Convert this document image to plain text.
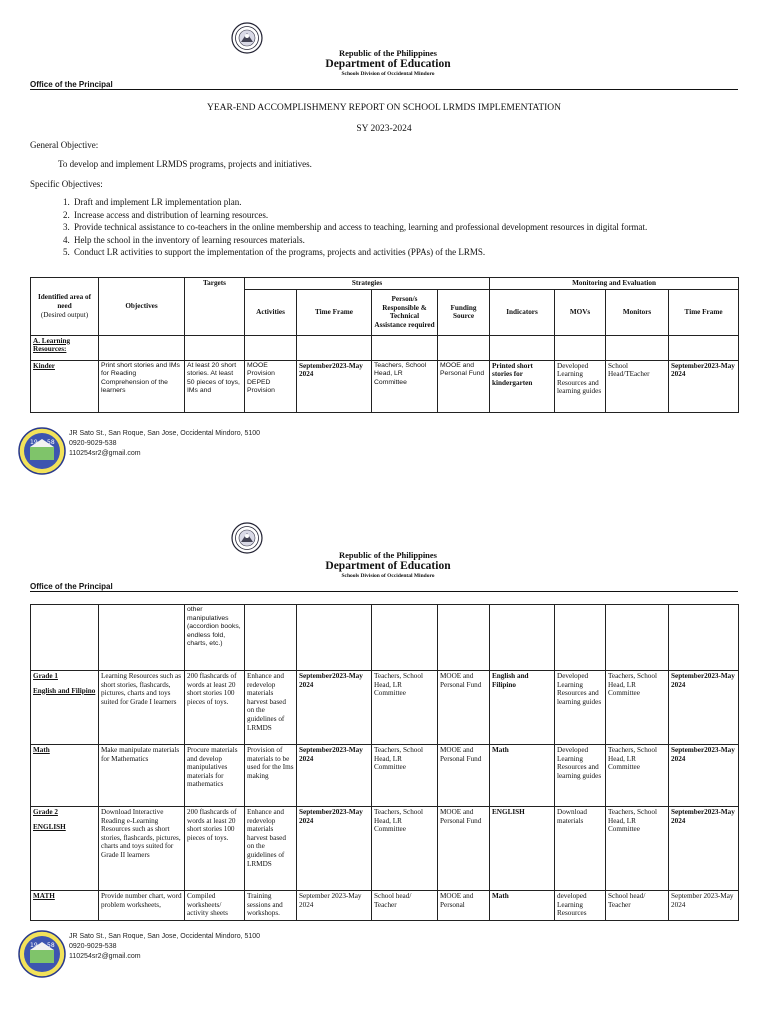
Republic of the Philippines
Department of Education
Schools Division of Occidental Mindoro
Office of the Principal
YEAR-END ACCOMPLISHMENY REPORT ON SCHOOL LRMDS IMPLEMENTATION
SY 2023-2024
General Objective:
To develop and implement LRMDS programs, projects and initiatives.
Specific Objectives:
1. Draft and implement LR implementation plan.
2. Increase access and distribution of learning resources.
3. Provide technical assistance to co-teachers in the online membership and access to teaching, learning and professional development resources in digital format.
4. Help the school in the inventory of learning resources materials.
5. Conduct LR activities to support the implementation of the programs, projects and activities (PPAs) of the LRMS.
Identified area of need
(Desired output)	Objectives	Targets	Strategies				Monitoring and Evaluation			
			Activities	Time Frame	Person/s Responsible & Technical Assistance required	Funding Source	Indicators	MOVs	Monitors	Time Frame
A. Learning Resources:										
Kinder	Print short stories and IMs for Reading Comprehension of the learners	At least 20 short stories. At least 50 pieces of toys, IMs and	MOOE Provision DEPED Provision	September2023-May 2024	Teachers, School Head, LR Committee	MOOE and Personal Fund	Printed short stories for kindergarten	Developed Learning Resources and learning guides	School Head/TEacher	September2023-May 2024
19 58
JR Sato St., San Roque, San Jose, Occidental Mindoro, 5100
0920-9029-538
110254sr2@gmail.com
Republic of the Philippines
Department of Education
Schools Division of Occidental Mindoro
Office of the Principal
		other manipulatives (accordion books, endless fold, charts, etc.)								

Grade 1
English and Filipino	Learning Resources such as short stories, flashcards, pictures, charts and toys suited for Grade I learners	200 flashcards of words at least 20 short stories 100 pieces of toys.	Enhance and redevelop materials harvest based on the guidelines of LRMDS	September2023-May 2024	Teachers, School Head, LR Committee	MOOE and Personal Fund	English and Filipino	Developed Learning Resources and learning guides	Teachers, School Head, LR Committee	September2023-May 2024

Math	Make manipulate materials for Mathematics	Procure materials and develop manipulatives materials for mathematics	Provision of materials to be used for the Ims making	September2023-May 2024	Teachers, School Head, LR Committee	MOOE and Personal Fund	Math	Developed Learning Resources and learning guides	Teachers, School Head, LR Committee	September2023-May 2024

Grade 2
ENGLISH	Download Interactive Reading e-Learning Resources such as short stories, flashcards, pictures, charts and toys suited for Grade II learners	200 flashcards of words at least 20 short stories 100 pieces of toys.	Enhance and redevelop materials harvest based on the guidelines of LRMDS	September2023-May 2024	Teachers, School Head, LR Committee	MOOE and Personal Fund	ENGLISH	Download materials	Teachers, School Head, LR Committee	September2023-May 2024

MATH	Provide number chart, word problem worksheets,	Compiled worksheets/ activity sheets	Training sessions and workshops.	September 2023-May 2024	School head/ Teacher	MOOE and Personal	Math	developed Learning Resources	School head/ Teacher	September 2023-May 2024
19 58
JR Sato St., San Roque, San Jose, Occidental Mindoro, 5100
0920-9029-538
110254sr2@gmail.com
